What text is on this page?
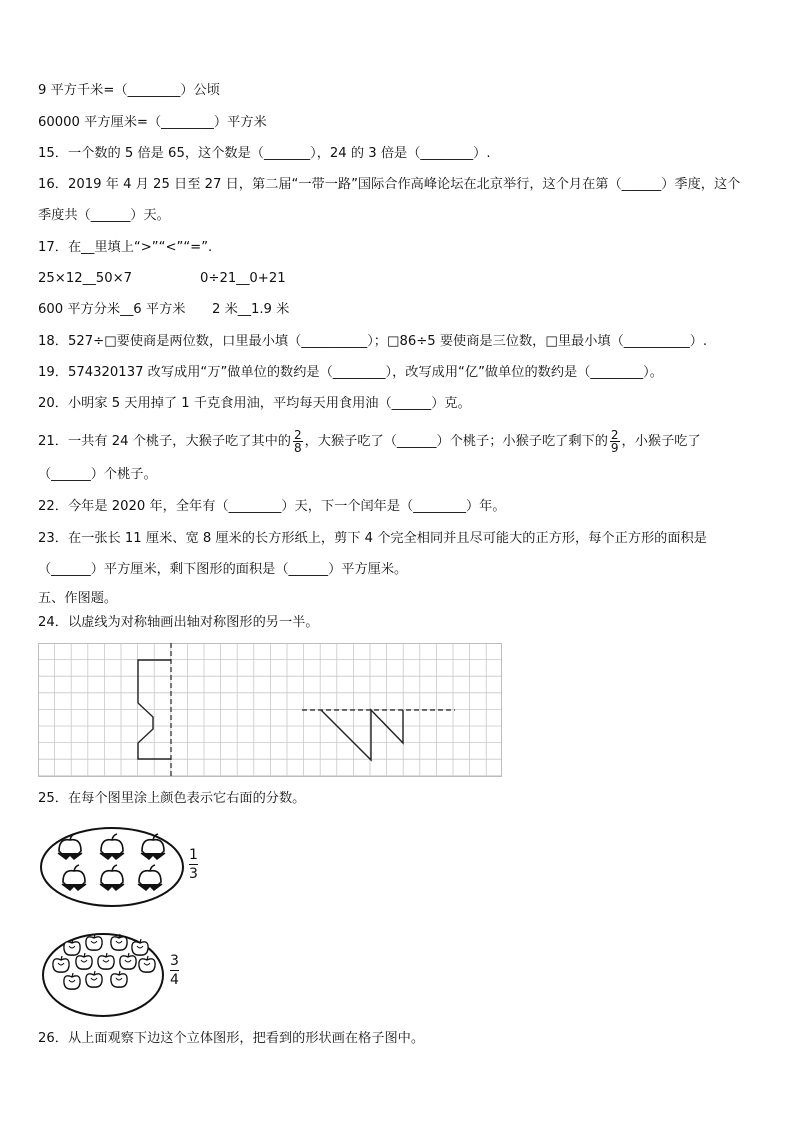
9 平方千米=（________）公顷
60000 平方厘米=（________）平方米
15．一个数的 5 倍是 65，这个数是（_______），24 的 3 倍是（________）.
16．2019 年 4 月 25 日至 27 日，第二届“一带一路”国际合作高峰论坛在北京举行，这个月在第（______）季度，这个
季度共（______）天。
17．在__里填上“>”“<”“=”.
25×12__50×7	0÷21__0+21
600 平方分米__6 平方米 2 米__1.9 米
18．527÷□要使商是两位数，口里最小填（__________）；□86÷5 要使商是三位数，□里最小填（__________）.
19．574320137 改写成用“万”做单位的数约是（________），改写成用“亿”做单位的数约是（________）。
20．小明家 5 天用掉了 1 千克食用油，平均每天用食用油（______）克。
21．一共有 24 个桃子，大猴子吃了其中的 $\frac{2}{8}$ ，大猴子吃了（______）个桃子；小猴子吃了剩下的 $\frac{2}{9}$ ，小猴子吃了
（______）个桃子。
22．今年是 2020 年，全年有（________）天，下一个闰年是（________）年。
23．在一张长 11 厘米、宽 8 厘米的长方形纸上，剪下 4 个完全相同并且尽可能大的正方形，每个正方形的面积是
（______）平方厘米，剩下图形的面积是（______）平方厘米。
五、作图题。
24．以虚线为对称轴画出轴对称图形的另一半。
25．在每个图里涂上颜色表示它右面的分数。
$\frac{1}{3}$
$\frac{3}{4}$
26．从上面观察下边这个立体图形，把看到的形状画在格子图中。
